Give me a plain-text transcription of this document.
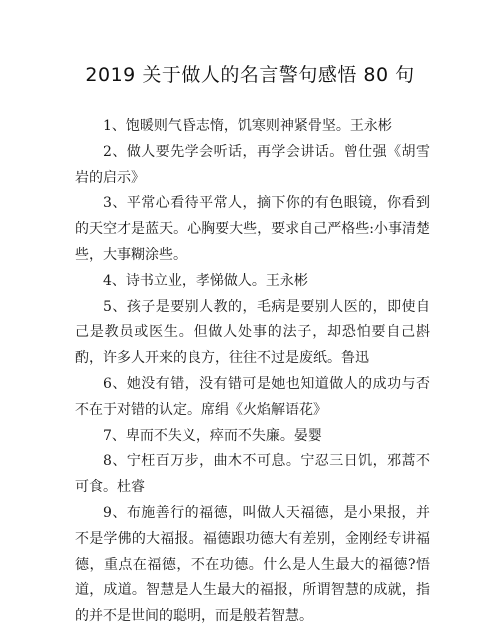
2019 关于做人的名言警句感悟 80 句

1、饱暖则气昏志惰，饥寒则神紧骨坚。王永彬

2、做人要先学会听话，再学会讲话。曾仕强《胡雪岩的启示》

3、平常心看待平常人，摘下你的有色眼镜，你看到的天空才是蓝天。心胸要大些，要求自己严格些:小事清楚些，大事糊涂些。

4、诗书立业，孝悌做人。王永彬

5、孩子是要别人教的，毛病是要别人医的，即使自己是教员或医生。但做人处事的法子，却恐怕要自己斟酌，许多人开来的良方，往往不过是废纸。鲁迅

6、她没有错，没有错可是她也知道做人的成功与否不在于对错的认定。席绢《火焰解语花》

7、卑而不失义，瘁而不失廉。晏婴

8、宁枉百万步，曲木不可息。宁忍三日饥，邪蒿不可食。杜睿

9、布施善行的福德，叫做人天福德，是小果报，并不是学佛的大福报。福德跟功德大有差别，金刚经专讲福德，重点在福德，不在功德。什么是人生最大的福德?悟道，成道。智慧是人生最大的福报，所谓智慧的成就，指的并不是世间的聪明，而是般若智慧。
